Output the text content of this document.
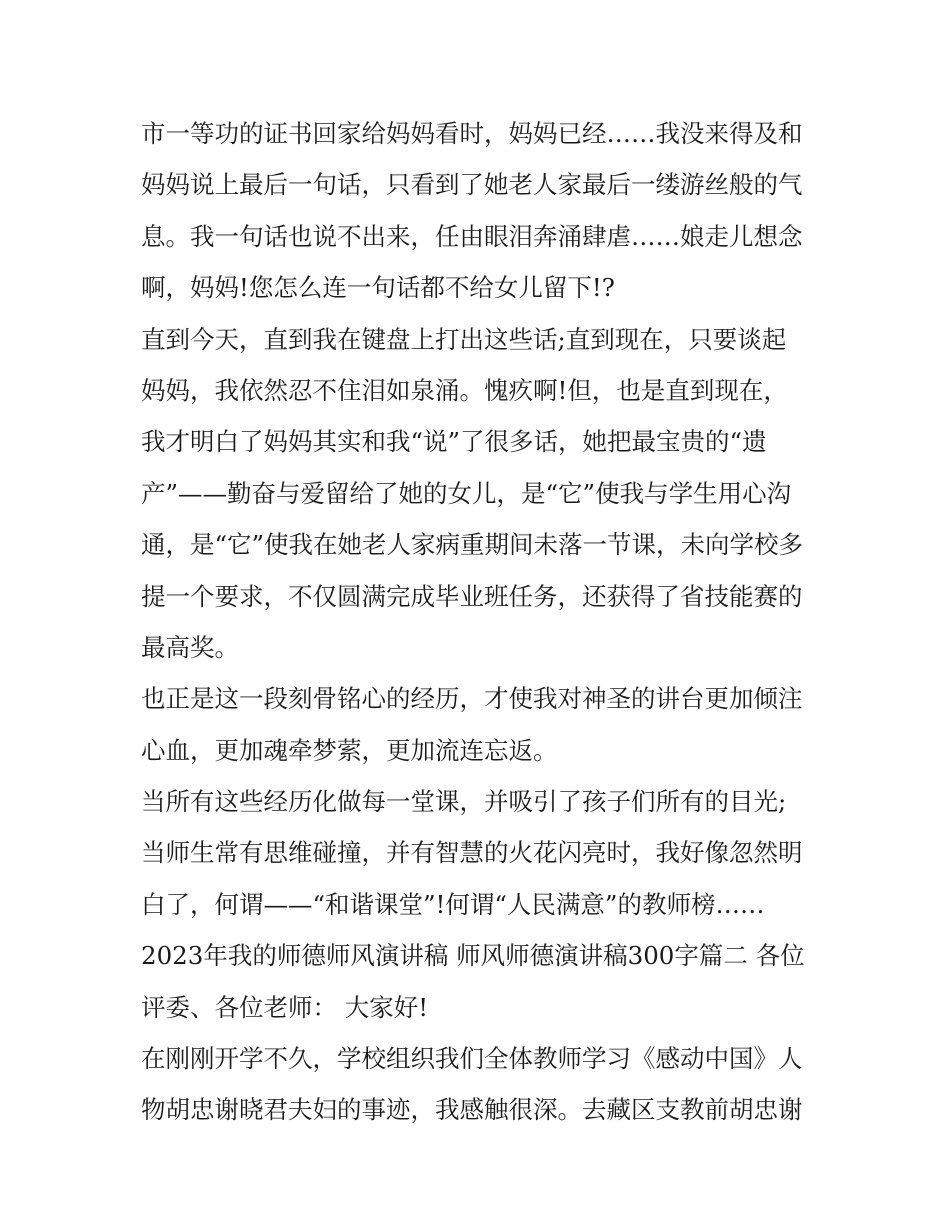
市一等功的证书回家给妈妈看时，妈妈已经……我没来得及和
妈妈说上最后一句话，只看到了她老人家最后一缕游丝般的气
息。我一句话也说不出来，任由眼泪奔涌肆虐……娘走儿想念
啊，妈妈!您怎么连一句话都不给女儿留下!?
直到今天，直到我在键盘上打出这些话;直到现在，只要谈起
妈妈，我依然忍不住泪如泉涌。愧疚啊!但，也是直到现在，
我才明白了妈妈其实和我“说”了很多话，她把最宝贵的“遗
产”——勤奋与爱留给了她的女儿，是“它”使我与学生用心沟
通，是“它”使我在她老人家病重期间未落一节课，未向学校多
提一个要求，不仅圆满完成毕业班任务，还获得了省技能赛的
最高奖。
也正是这一段刻骨铭心的经历，才使我对神圣的讲台更加倾注
心血，更加魂牵梦萦，更加流连忘返。
当所有这些经历化做每一堂课，并吸引了孩子们所有的目光;
当师生常有思维碰撞，并有智慧的火花闪亮时，我好像忽然明
白了，何谓——“和谐课堂”!何谓“人民满意”的教师榜……
2023年我的师德师风演讲稿 师风师德演讲稿300字篇二 各位
评委、各位老师： 大家好!
在刚刚开学不久，学校组织我们全体教师学习《感动中国》人
物胡忠谢晓君夫妇的事迹，我感触很深。去藏区支教前胡忠谢
